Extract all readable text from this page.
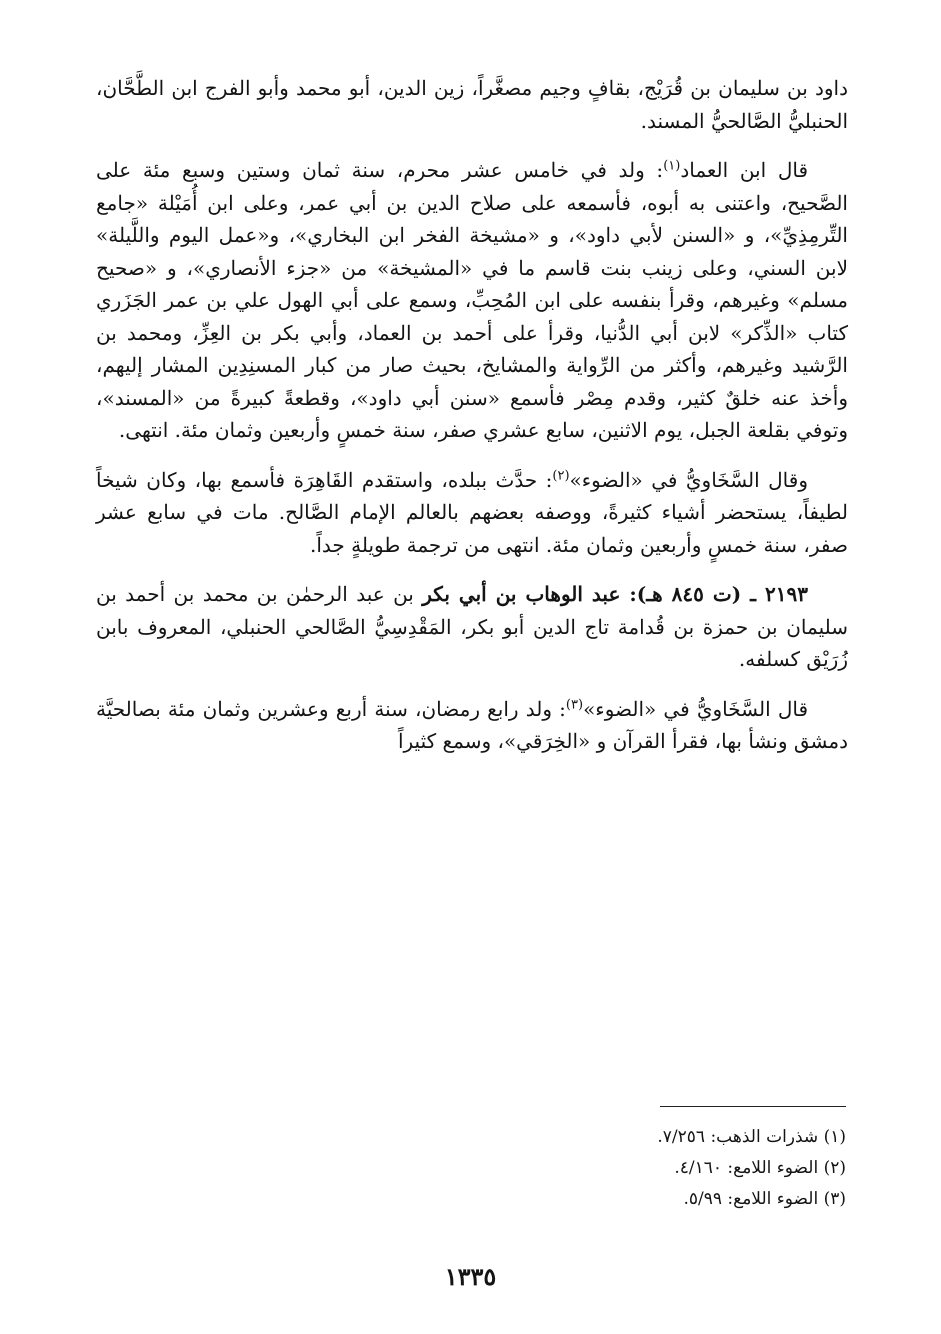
داود بن سليمان بن قُرَيْج، بقافٍ وجيم مصغَّراً، زين الدين، أبو محمد وأبو الفرج ابن الطَّحَّان، الحنبليُّ الصَّالحيُّ المسند.

قال ابن العماد$^{(١)}$: ولد في خامس عشر محرم، سنة ثمان وستين وسبع مئة على الصَّحيح، واعتنى به أبوه، فأسمعه على صلاح الدين بن أبي عمر، وعلى ابن أُمَيْلة «جامع التِّرمِذِيِّ»، و «السنن لأبي داود»، و «مشيخة الفخر ابن البخاري»، و«عمل اليوم واللَّيلة» لابن السني، وعلى زينب بنت قاسم ما في «المشيخة» من «جزء الأنصاري»، و «صحيح مسلم» وغيرهم، وقرأ بنفسه على ابن المُحِبِّ، وسمع على أبي الهول علي بن عمر الجَزَري كتاب «الذِّكر» لابن أبي الدُّنيا، وقرأ على أحمد بن العماد، وأبي بكر بن العِزِّ، ومحمد بن الرَّشيد وغيرهم، وأكثر من الرِّواية والمشايخ، بحيث صار من كبار المسنِدِين المشار إليهم، وأخذ عنه خلقٌ كثير، وقدم مِصْر فأسمع «سنن أبي داود»، وقطعةً كبيرةً من «المسند»، وتوفي بقلعة الجبل، يوم الاثنين، سابع عشري صفر، سنة خمسٍ وأربعين وثمان مئة. انتهى.

وقال السَّخَاويُّ في «الضوء»$^{(٢)}$: حدَّث ببلده، واستقدم القَاهِرَة فأسمع بها، وكان شيخاً لطيفاً، يستحضر أشياء كثيرةً، ووصفه بعضهم بالعالم الإمام الصَّالح. مات في سابع عشر صفر، سنة خمسٍ وأربعين وثمان مئة. انتهى من ترجمة طويلةٍ جداً.

٢١٩٣ ـ (ت ٨٤٥ هـ): عبد الوهاب بن أبي بكر بن عبد الرحمٰن بن محمد بن أحمد بن سليمان بن حمزة بن قُدامة تاج الدين أبو بكر، المَقْدِسِيُّ الصَّالحي الحنبلي، المعروف بابن زُرَيْق كسلفه.

قال السَّخَاويُّ في «الضوء»$^{(٣)}$: ولد رابع رمضان، سنة أربع وعشرين وثمان مئة بصالحيَّة دمشق ونشأ بها، فقرأ القرآن و «الخِرَقي»، وسمع كثيراً

(١) شذرات الذهب: ٧/٢٥٦.
(٢) الضوء اللامع: ٤/١٦٠.
(٣) الضوء اللامع: ٥/٩٩.
١٣٣٥
